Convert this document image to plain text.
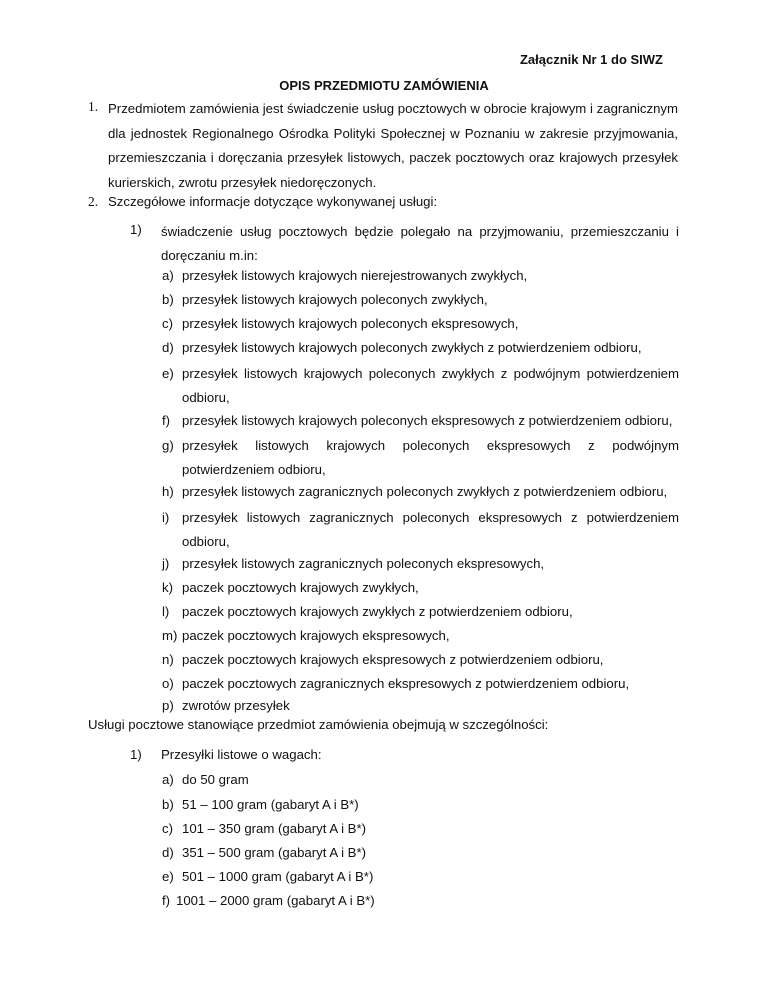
Załącznik Nr 1 do SIWZ
OPIS PRZEDMIOTU ZAMÓWIENIA
1. Przedmiotem zamówienia jest świadczenie usług pocztowych w obrocie krajowym i zagranicznym dla jednostek Regionalnego Ośrodka Polityki Społecznej w Poznaniu w zakresie przyjmowania, przemieszczania i doręczania przesyłek listowych, paczek pocztowych oraz krajowych przesyłek kurierskich, zwrotu przesyłek niedoręczonych.
2. Szczegółowe informacje dotyczące wykonywanej usługi:
1) świadczenie usług pocztowych będzie polegało na przyjmowaniu, przemieszczaniu i doręczaniu m.in:
a) przesyłek listowych krajowych nierejestrowanych zwykłych,
b) przesyłek listowych krajowych poleconych zwykłych,
c) przesyłek listowych krajowych poleconych ekspresowych,
d) przesyłek listowych krajowych poleconych zwykłych z potwierdzeniem odbioru,
e) przesyłek listowych krajowych poleconych zwykłych z podwójnym potwierdzeniem odbioru,
f) przesyłek listowych krajowych poleconych ekspresowych z potwierdzeniem odbioru,
g) przesyłek listowych krajowych poleconych ekspresowych z podwójnym potwierdzeniem odbioru,
h) przesyłek listowych zagranicznych poleconych zwykłych z potwierdzeniem odbioru,
i) przesyłek listowych zagranicznych poleconych ekspresowych z potwierdzeniem odbioru,
j) przesyłek listowych zagranicznych poleconych ekspresowych,
k) paczek pocztowych krajowych zwykłych,
l) paczek pocztowych krajowych zwykłych z potwierdzeniem odbioru,
m) paczek pocztowych krajowych ekspresowych,
n) paczek pocztowych krajowych ekspresowych z potwierdzeniem odbioru,
o) paczek pocztowych zagranicznych ekspresowych z potwierdzeniem odbioru,
p) zwrotów przesyłek
Usługi pocztowe stanowiące przedmiot zamówienia obejmują w szczególności:
1) Przesyłki listowe o wagach:
a) do 50 gram
b) 51 – 100 gram (gabaryt A i B*)
c) 101 – 350 gram (gabaryt A i B*)
d) 351 – 500 gram (gabaryt A i B*)
e) 501 – 1000 gram (gabaryt A i B*)
f) 1001 – 2000 gram (gabaryt A i B*)
